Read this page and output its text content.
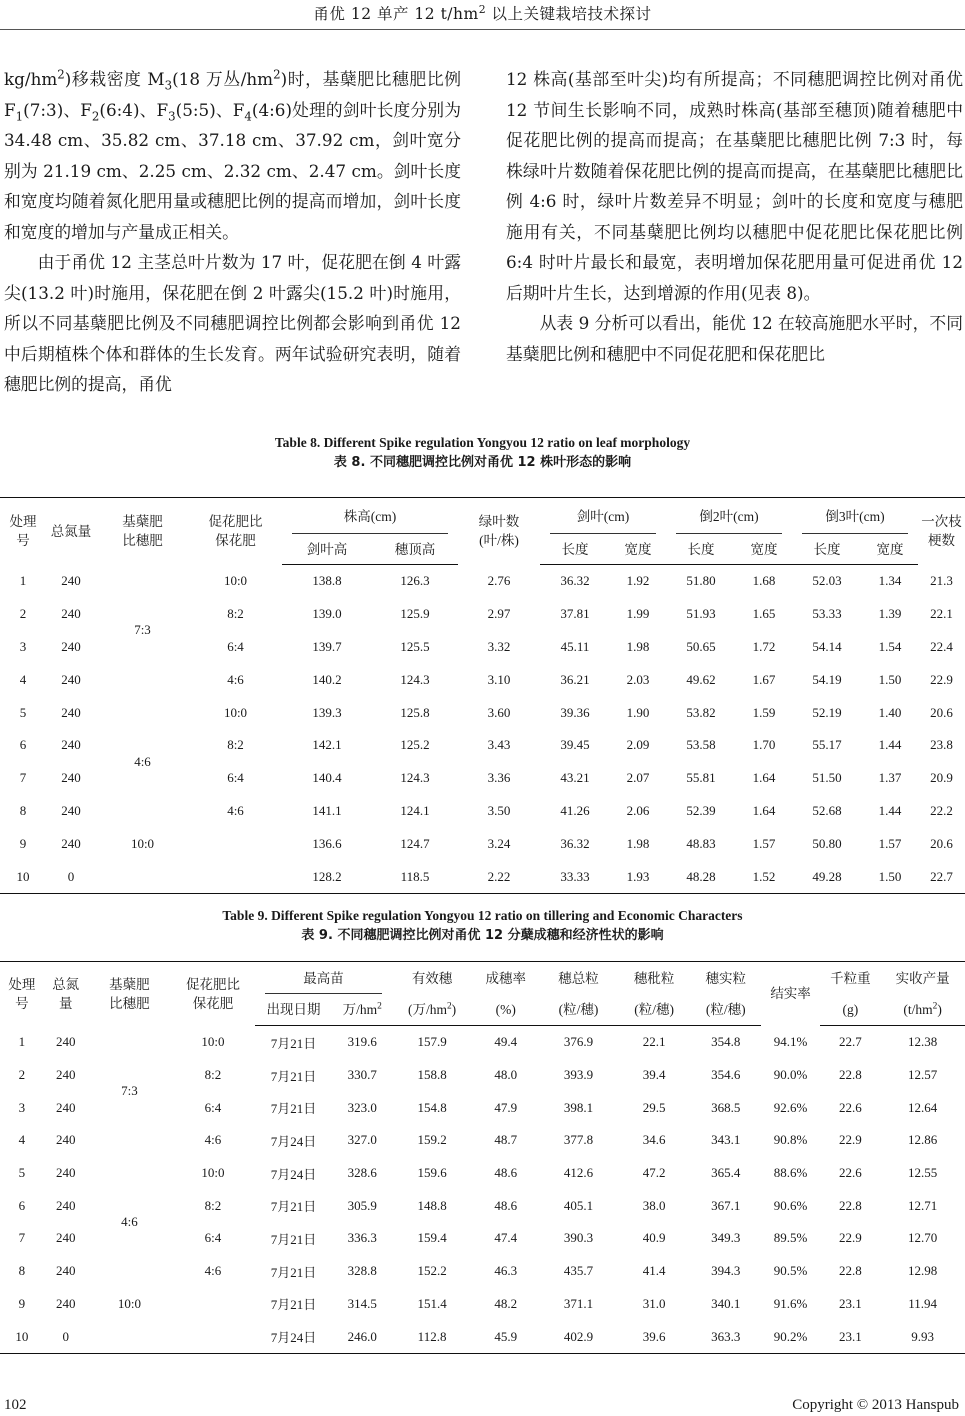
甬优 12 单产 12 $t/hm^2$ 以上关键栽培技术探讨

$kg/hm^2$)移栽密度 $M_3(18$ 万丛$/hm^2$)时，基蘖肥比穗肥比例 $F_1(7:3)$、$F_2(6:4)$、$F_3(5:5)$、$F_4(4:6)$处理的剑叶长度分别为 34.48 cm、35.82 cm、37.18 cm、37.92 cm，剑叶宽分别为 21.19 cm、2.25 cm、2.32 cm、2.47 cm。剑叶长度和宽度均随着氮化肥用量或穗肥比例的提高而增加，剑叶长度和宽度的增加与产量成正相关。

由于甬优 12 主茎总叶片数为 17 叶，促花肥在倒 4 叶露尖(13.2 叶)时施用，保花肥在倒 2 叶露尖(15.2 叶)时施用，所以不同基蘖肥比例及不同穗肥调控比例都会影响到甬优 12 中后期植株个体和群体的生长发育。两年试验研究表明，随着穗肥比例的提高，甬优

12 株高(基部至叶尖)均有所提高；不同穗肥调控比例对甬优 12 节间生长影响不同，成熟时株高(基部至穗顶)随着穗肥中促花肥比例的提高而提高；在基蘖肥比穗肥比例 7:3 时，每株绿叶片数随着保花肥比例的提高而提高，在基蘖肥比穗肥比例 4:6 时，绿叶片数差异不明显；剑叶的长度和宽度与穗肥施用有关，不同基蘖肥比例均以穗肥中促花肥比保花肥比例 6:4 时叶片最长和最宽，表明增加保花肥用量可促进甬优 12 后期叶片生长，达到增源的作用(见表 8)。

从表 9 分析可以看出，能优 12 在较高施肥水平时，不同基蘖肥比例和穗肥中不同促花肥和保花肥比

Table 8. Different Spike regulation Yongyou 12 ratio on leaf morphology
表 8. 不同穗肥调控比例对甬优 12 株叶形态的影响
处理
号	总氮量	基蘖肥
比穗肥	促花肥比
保花肥	株高(cm)		绿叶数
(叶/株)	剑叶(cm)		倒2叶(cm)		倒3叶(cm)		一次枝
梗数
				剑叶高	穗顶高		长度	宽度	长度	宽度	长度	宽度	
1	240	7:3	10:0	138.8	126.3	2.76	36.32	1.92	51.80	1.68	52.03	1.34	21.3
2	240		8:2	139.0	125.9	2.97	37.81	1.99	51.93	1.65	53.33	1.39	22.1
3	240		6:4	139.7	125.5	3.32	45.11	1.98	50.65	1.72	54.14	1.54	22.4
4	240		4:6	140.2	124.3	3.10	36.21	2.03	49.62	1.67	54.19	1.50	22.9
5	240	4:6	10:0	139.3	125.8	3.60	39.36	1.90	53.82	1.59	52.19	1.40	20.6
6	240		8:2	142.1	125.2	3.43	39.45	2.09	53.58	1.70	55.17	1.44	23.8
7	240		6:4	140.4	124.3	3.36	43.21	2.07	55.81	1.64	51.50	1.37	20.9
8	240		4:6	141.1	124.1	3.50	41.26	2.06	52.39	1.64	52.68	1.44	22.2
9	240	10:0		136.6	124.7	3.24	36.32	1.98	48.83	1.57	50.80	1.57	20.6
10	0			128.2	118.5	2.22	33.33	1.93	48.28	1.52	49.28	1.50	22.7
Table 9. Different Spike regulation Yongyou 12 ratio on tillering and Economic Characters
表 9. 不同穗肥调控比例对甬优 12 分蘖成穗和经济性状的影响
处理
号	总氮
量	基蘖肥
比穗肥	促花肥比
保花肥	最高苗		有效穗	成穗率	穗总粒	穗秕粒	穗实粒	结实率	千粒重	实收产量
				出现日期	万$/hm^2$	(万$/hm^2$)	(%)	(粒/穗)	(粒/穗)	(粒/穗)		(g)	$(t/hm^2)$
1	240	7:3	10:0	7月21日	319.6	157.9	49.4	376.9	22.1	354.8	94.1%	22.7	12.38
2	240		8:2	7月21日	330.7	158.8	48.0	393.9	39.4	354.6	90.0%	22.8	12.57
3	240		6:4	7月21日	323.0	154.8	47.9	398.1	29.5	368.5	92.6%	22.6	12.64
4	240		4:6	7月24日	327.0	159.2	48.7	377.8	34.6	343.1	90.8%	22.9	12.86
5	240	4:6	10:0	7月24日	328.6	159.6	48.6	412.6	47.2	365.4	88.6%	22.6	12.55
6	240		8:2	7月21日	305.9	148.8	48.6	405.1	38.0	367.1	90.6%	22.8	12.71
7	240		6:4	7月21日	336.3	159.4	47.4	390.3	40.9	349.3	89.5%	22.9	12.70
8	240		4:6	7月21日	328.8	152.2	46.3	435.7	41.4	394.3	90.5%	22.8	12.98
9	240	10:0		7月21日	314.5	151.4	48.2	371.1	31.0	340.1	91.6%	23.1	11.94
10	0			7月24日	246.0	112.8	45.9	402.9	39.6	363.3	90.2%	23.1	9.93
102	Copyright © 2013 Hanspub
